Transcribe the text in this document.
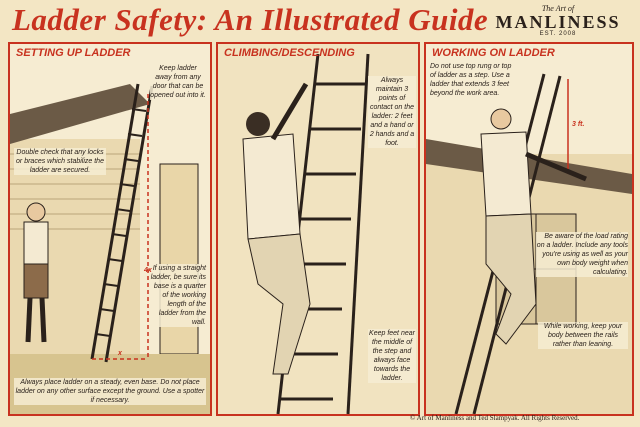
Ladder Safety: An Illustrated Guide	The Art of
MANLINESS
EST. 2008
SETTING UP LADDER
Keep ladder away from any door that can be opened out into it.
Double check that any locks or braces which stabilize the ladder are secured.
If using a straight ladder, be sure its base is a quarter of the working length of the ladder from the wall.
Always place ladder on a steady, even base. Do not place ladder on any other surface except the ground. Use a spotter if necessary.
4x
x
CLIMBING/DESCENDING
Always maintain 3 points of contact on the ladder: 2 feet and a hand or 2 hands and a foot.
Keep feet near the middle of the step and always face towards the ladder.
WORKING ON LADDER
Do not use top rung or top of ladder as a step. Use a ladder that extends 3 feet beyond the work area.
3 ft.
Be aware of the load rating on a ladder. Include any tools you're using as well as your own body weight when calculating.
While working, keep your body between the rails rather than leaning.
© Art of Manliness and Ted Slampyak. All Rights Reserved.
